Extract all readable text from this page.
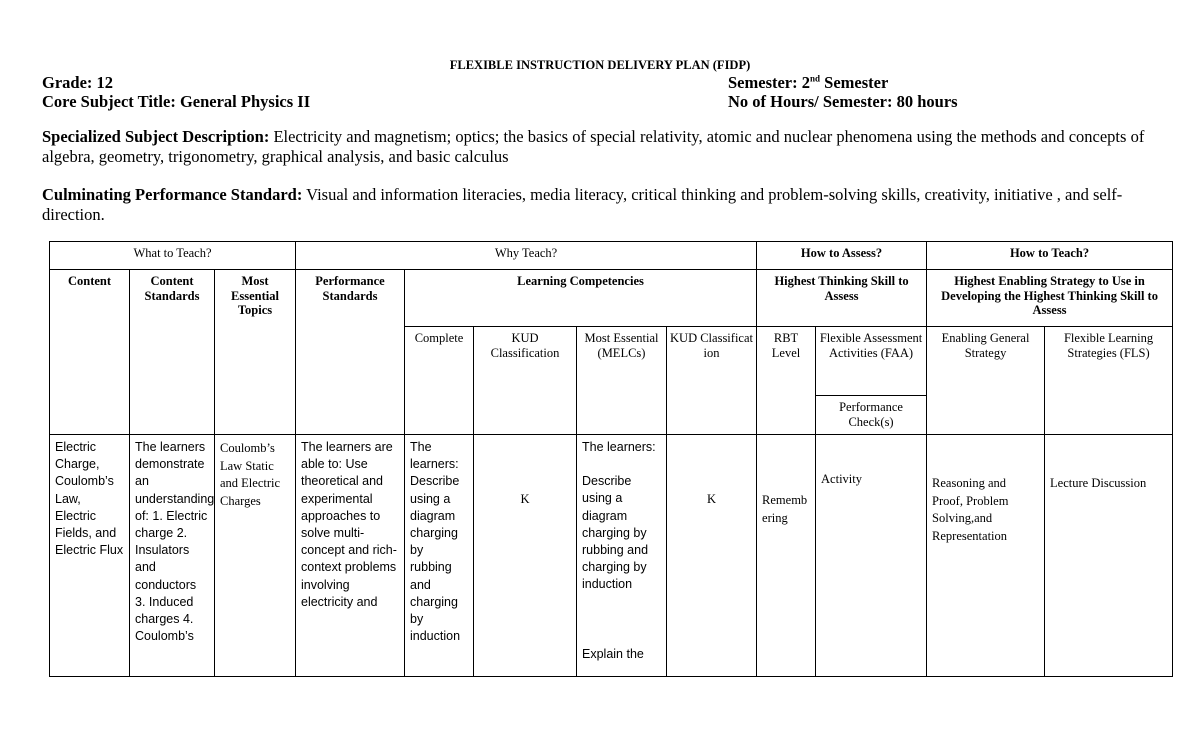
FLEXIBLE INSTRUCTION DELIVERY PLAN (FIDP)
Grade: 12
Core Subject Title: General Physics II
Semester: 2nd Semester
No of Hours/ Semester: 80 hours
Specialized Subject Description: Electricity and magnetism; optics; the basics of special relativity, atomic and nuclear phenomena using the methods and concepts of algebra, geometry, trigonometry, graphical analysis, and basic calculus
Culminating Performance Standard: Visual and information literacies, media literacy, critical thinking and problem-solving skills, creativity, initiative , and self-direction.
What to Teach?			Why Teach?					How to Assess?		How to Teach?	
Content	Content Standards	Most Essential Topics	Performance Standards	Learning Competencies				Highest Thinking Skill to Assess		Highest Enabling Strategy to Use in Developing the Highest Thinking Skill to Assess	
				Complete	KUD Classification	Most Essential (MELCs)	KUD Classificat ion	RBT Level	Flexible Assessment Activities (FAA)	Enabling General Strategy	Flexible Learning Strategies (FLS)
									Performance Check(s)		
Electric Charge, Coulomb’s Law, Electric Fields, and Electric Flux	The learners demonstrate an understanding of: 1. Electric charge 2. Insulators and conductors 3. Induced charges 4. Coulomb’s	Coulomb’s Law Static and Electric Charges	The learners are able to: Use theoretical and experimental approaches to solve multi-concept and rich-context problems involving electricity and	The learners: Describe using a diagram charging by rubbing and charging by induction	K	The learners:
Describe using a diagram charging by rubbing and charging by induction
Explain the	K	Remembering	Activity	Reasoning and Proof, Problem Solving,and Representation	Lecture Discussion
